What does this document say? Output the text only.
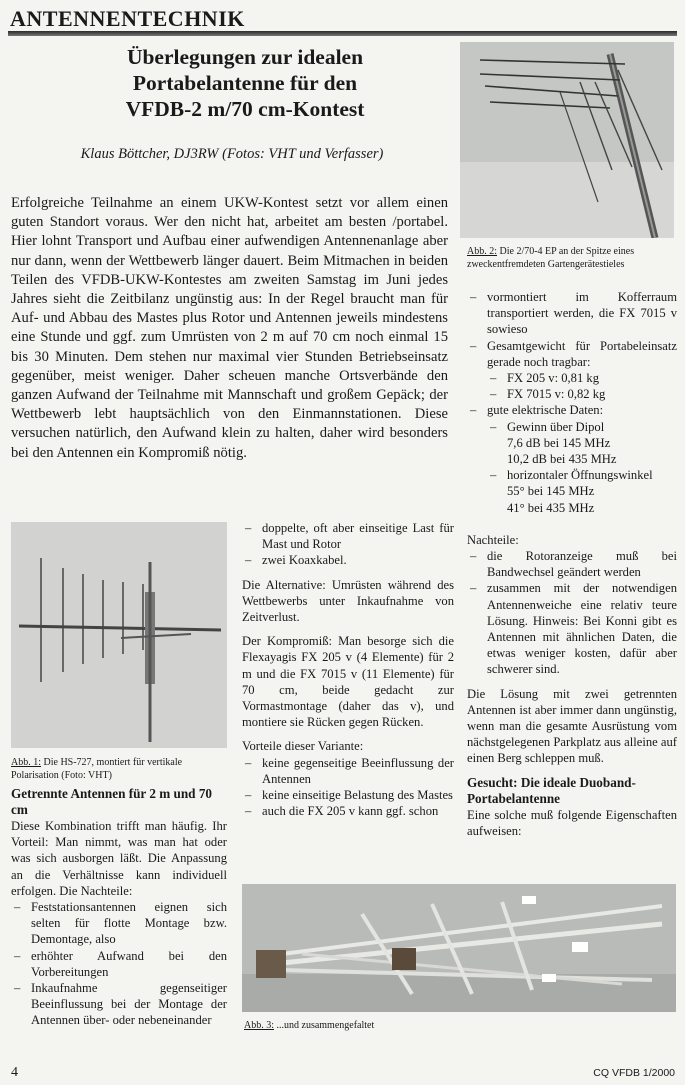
ANTENNENTECHNIK
Überlegungen zur idealen
Portabelantenne für den
VFDB-2 m/70 cm-Kontest
Klaus Böttcher, DJ3RW (Fotos: VHT und Verfasser)
Erfolgreiche Teilnahme an einem UKW-Kontest setzt vor allem einen guten Standort voraus. Wer den nicht hat, arbeitet am besten /portabel. Hier lohnt Transport und Aufbau einer aufwendigen Antennenanlage aber nur dann, wenn der Wettbewerb länger dauert. Beim Mitmachen in beiden Teilen des VFDB-UKW-Kontestes am zweiten Samstag im Juni jedes Jahres sieht die Zeitbilanz ungünstig aus: In der Regel braucht man für Auf- und Abbau des Mastes plus Rotor und Antennen jeweils mindestens eine Stunde und ggf. zum Umrüsten von 2 m auf 70 cm noch einmal 15 bis 30 Minuten. Dem stehen nur maximal vier Stunden Betriebseinsatz gegenüber, meist weniger. Daher scheuen manche Ortsverbände den ganzen Aufwand der Teilnahme mit Mannschaft und großem Gepäck; der Wettbewerb lebt hauptsächlich von den Einmannstationen. Diese versuchen natürlich, den Aufwand klein zu halten, daher wird besonders bei den Antennen ein Kompromiß nötig.
Abb. 2: Die 2/70-4 EP an der Spitze eines zweckentfremdeten Gartengerätestieles
Abb. 1: Die HS-727, montiert für vertikale Polarisation (Foto: VHT)
Getrennte Antennen für 2 m und 70 cm

Diese Kombination trifft man häufig. Ihr Vorteil: Man nimmt, was man hat oder was sich ausborgen läßt. Die Anpassung an die Verhältnisse kann individuell erfolgen. Die Nachteile:

– Feststationsantennen eignen sich selten für flotte Montage bzw. Demontage, also
– erhöhter Aufwand bei den Vorbereitungen
– Inkaufnahme gegenseitiger Beeinflussung bei der Montage der Antennen über- oder nebeneinander
– doppelte, oft aber einseitige Last für Mast und Rotor
– zwei Koaxkabel.

Die Alternative: Umrüsten während des Wettbewerbs unter Inkaufnahme von Zeitverlust.

Der Kompromiß: Man besorge sich die Flexayagis FX 205 v (4 Elemente) für 2 m und die FX 7015 v (11 Elemente) für 70 cm, beide gedacht zur Vormastmontage (daher das v), und montiere sie Rücken gegen Rücken.

Vorteile dieser Variante:

– keine gegenseitige Beeinflussung der Antennen
– keine einseitige Belastung des Mastes
– auch die FX 205 v kann ggf. schon
– vormontiert im Kofferraum transportiert werden, die FX 7015 v sowieso
– Gesamtgewicht für Portabeleinsatz gerade noch tragbar:
– FX 205 v: 0,81 kg
– FX 7015 v: 0,82 kg
– gute elektrische Daten:
– Gewinn über Dipol
7,6 dB bei 145 MHz
10,2 dB bei 435 MHz
– horizontaler Öffnungswinkel
55° bei 145 MHz
41° bei 435 MHz

Nachteile:

– die Rotoranzeige muß bei Bandwechsel geändert werden
– zusammen mit der notwendigen Antennenweiche eine relativ teure Lösung. Hinweis: Bei Konni gibt es Antennen mit ähnlichen Daten, die etwas weniger kosten, dafür aber schwerer sind.

Die Lösung mit zwei getrennten Antennen ist aber immer dann ungünstig, wenn man die gesamte Ausrüstung vom nächstgelegenen Parkplatz aus alleine auf einen Berg schleppen muß.

Gesucht: Die ideale Duoband-Portabelantenne

Eine solche muß folgende Eigenschaften aufweisen:

Abb. 3: ...und zusammengefaltet
4	CQ VFDB 1/2000
